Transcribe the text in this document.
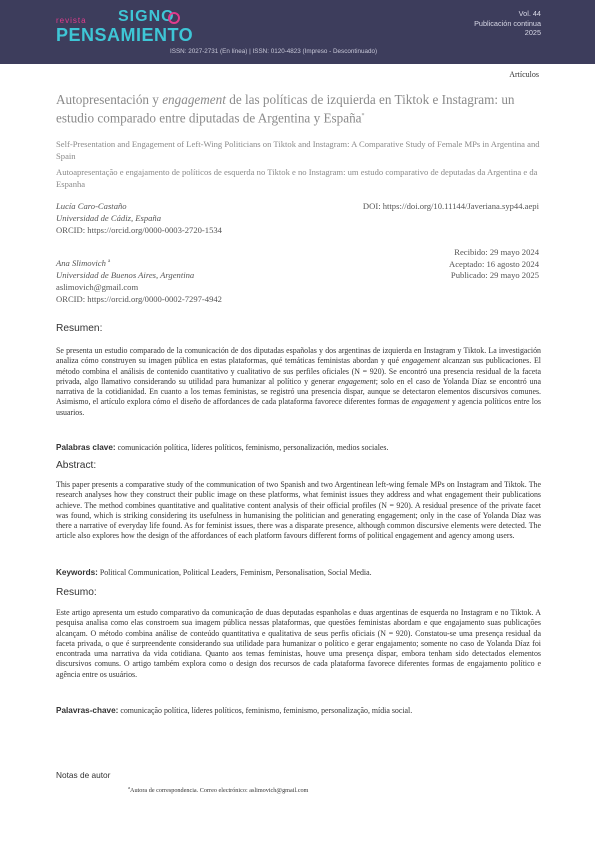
revista SIGNO
PENSAMIENTO
ISSN: 2027-2731 (En línea) | ISSN: 0120-4823 (Impreso - Descontinuado)
Vol. 44
Publicación continua
2025
Artículos
Autopresentación y engagement de las políticas de izquierda en Tiktok e Instagram: un estudio comparado entre diputadas de Argentina y España*
Self-Presentation and Engagement of Left-Wing Politicians on Tiktok and Instagram: A Comparative Study of Female MPs in Argentina and Spain
Autoapresentação e engajamento de políticos de esquerda no Tiktok e no Instagram: um estudo comparativo de deputadas da Argentina e da Espanha
Lucía Caro-Castaño
Universidad de Cádiz, España
ORCID: https://orcid.org/0000-0003-2720-1534
DOI: https://doi.org/10.11144/Javeriana.syp44.aepi
Ana Slimovich $^a$
Universidad de Buenos Aires, Argentina
aslimovich@gmail.com
ORCID: https://orcid.org/0000-0002-7297-4942
Recibido: 29 mayo 2024
Aceptado: 16 agosto 2024
Publicado: 29 mayo 2025
Resumen:
Se presenta un estudio comparado de la comunicación de dos diputadas españolas y dos argentinas de izquierda en Instagram y Tiktok. La investigación analiza cómo construyen su imagen pública en estas plataformas, qué temáticas feministas abordan y qué engagement alcanzan sus publicaciones. El método combina el análisis de contenido cuantitativo y cualitativo de sus perfiles oficiales (N = 920). Se encontró una presencia residual de la faceta privada, algo llamativo considerando su utilidad para humanizar al político y generar engagement; solo en el caso de Yolanda Díaz se encontró una narrativa de la cotidianidad. En cuanto a los temas feministas, se registró una presencia dispar, aunque se detectaron elementos discursivos comunes. Asimismo, el artículo explora cómo el diseño de affordances de cada plataforma favorece diferentes formas de engagement y agencia políticos entre los usuarios.
Palabras clave: comunicación política, líderes políticos, feminismo, personalización, medios sociales.
Abstract:
This paper presents a comparative study of the communication of two Spanish and two Argentinean left-wing female MPs on Instagram and Tiktok. The research analyses how they construct their public image on these platforms, what feminist issues they address and what engagement their publications achieve. The method combines quantitative and qualitative content analysis of their official profiles (N = 920). A residual presence of the private facet was found, which is striking considering its usefulness in humanising the politician and generating engagement; only in the case of Yolanda Díaz was there a narrative of everyday life found. As for feminist issues, there was a disparate presence, although common discursive elements were detected. The article also explores how the design of the affordances of each platform favours different forms of political engagement and agency among users.
Keywords: Political Communication, Political Leaders, Feminism, Personalisation, Social Media.
Resumo:
Este artigo apresenta um estudo comparativo da comunicação de duas deputadas espanholas e duas argentinas de esquerda no Instagram e no Tiktok. A pesquisa analisa como elas constroem sua imagem pública nessas plataformas, que questões feministas abordam e que engajamento suas publicações alcançam. O método combina análise de conteúdo quantitativa e qualitativa de seus perfis oficiais (N = 920). Constatou-se uma presença residual da faceta privada, o que é surpreendente considerando sua utilidade para humanizar o político e gerar engajamento; somente no caso de Yolanda Díaz foi encontrada uma narrativa da vida cotidiana. Quanto aos temas feministas, houve uma presença díspar, embora tenham sido detectados elementos discursivos comuns. O artigo também explora como o design dos recursos de cada plataforma favorece diferentes formas de engajamento político e agência entre os usuários.
Palavras-chave: comunicação política, líderes políticos, feminismo, feminismo, personalização, mídia social.
Notas de autor
$^a$Autora de correspondencia. Correo electrónico: aslimovich@gmail.com
